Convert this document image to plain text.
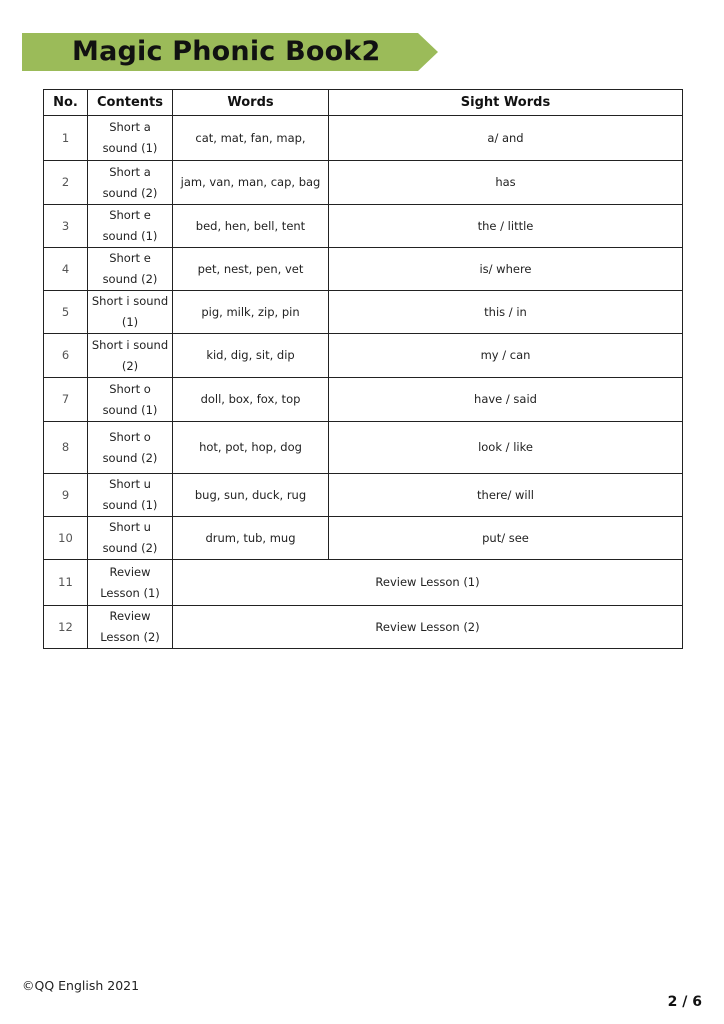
Magic Phonic Book2
No.	Contents	Words	Sight Words
1	Short a sound (1)	cat, mat, fan, map,	a/ and
2	Short a sound (2)	jam, van, man, cap, bag	has
3	Short e sound (1)	bed, hen, bell, tent	the / little
4	Short e sound (2)	pet, nest, pen, vet	is/ where
5	Short i sound (1)	pig, milk, zip, pin	this / in
6	Short i sound (2)	kid, dig, sit, dip	my / can
7	Short o sound (1)	doll, box, fox, top	have / said
8	Short o sound (2)	hot, pot, hop, dog	look / like
9	Short u sound (1)	bug, sun, duck, rug	there/ will
10	Short u sound (2)	drum, tub, mug	put/ see
11	Review Lesson (1)	Review Lesson (1)	
12	Review Lesson (2)	Review Lesson (2)	
©QQ English 2021
2 / 6
